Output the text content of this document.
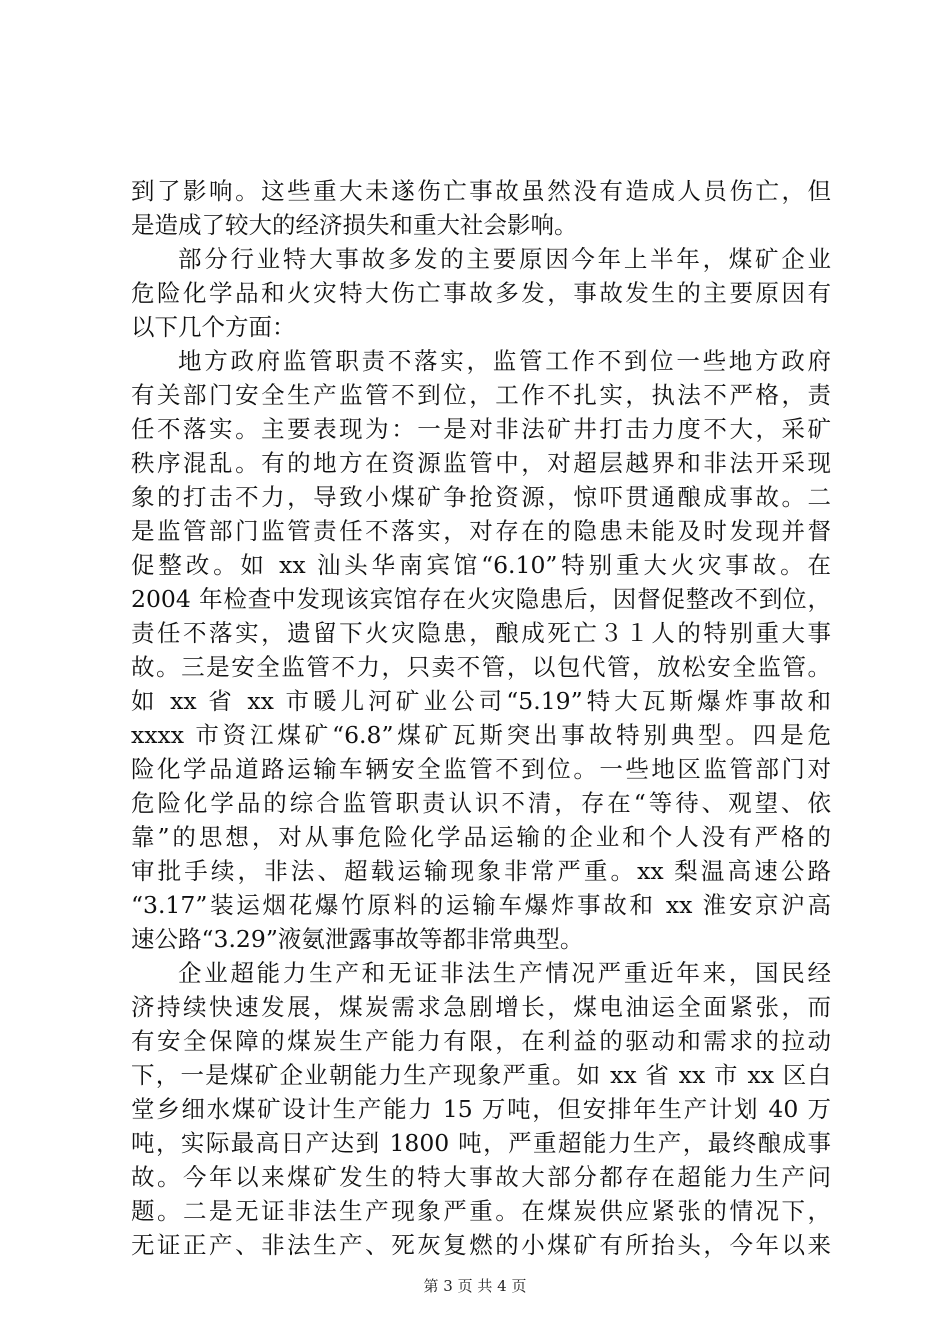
到了影响。这些重大未遂伤亡事故虽然没有造成人员伤亡，但
是造成了较大的经济损失和重大社会影响。
部分行业特大事故多发的主要原因今年上半年，煤矿企业
危险化学品和火灾特大伤亡事故多发，事故发生的主要原因有
以下几个方面：
地方政府监管职责不落实，监管工作不到位一些地方政府
有关部门安全生产监管不到位，工作不扎实，执法不严格，责
任不落实。主要表现为：一是对非法矿井打击力度不大，采矿
秩序混乱。有的地方在资源监管中，对超层越界和非法开采现
象的打击不力，导致小煤矿争抢资源，惊吓贯通酿成事故。二
是监管部门监管责任不落实，对存在的隐患未能及时发现并督
促整改。如 xx 汕头华南宾馆“6.10”特别重大火灾事故。在
2004 年检查中发现该宾馆存在火灾隐患后，因督促整改不到位，
责任不落实，遗留下火灾隐患，酿成死亡３１人的特别重大事
故。三是安全监管不力，只卖不管，以包代管，放松安全监管。
如 xx 省 xx 市暖儿河矿业公司“5.19”特大瓦斯爆炸事故和
xxxx 市资江煤矿“6.8”煤矿瓦斯突出事故特别典型。四是危
险化学品道路运输车辆安全监管不到位。一些地区监管部门对
危险化学品的综合监管职责认识不清，存在“等待、观望、依
靠”的思想，对从事危险化学品运输的企业和个人没有严格的
审批手续，非法、超载运输现象非常严重。xx 梨温高速公路
“3.17”装运烟花爆竹原料的运输车爆炸事故和 xx 淮安京沪高
速公路“3.29”液氨泄露事故等都非常典型。
企业超能力生产和无证非法生产情况严重近年来，国民经
济持续快速发展，煤炭需求急剧增长，煤电油运全面紧张，而
有安全保障的煤炭生产能力有限，在利益的驱动和需求的拉动
下，一是煤矿企业朝能力生产现象严重。如 xx 省 xx 市 xx 区白
堂乡细水煤矿设计生产能力 15 万吨，但安排年生产计划 40 万
吨，实际最高日产达到 1800 吨，严重超能力生产，最终酿成事
故。今年以来煤矿发生的特大事故大部分都存在超能力生产问
题。二是无证非法生产现象严重。在煤炭供应紧张的情况下，
无证正产、非法生产、死灰复燃的小煤矿有所抬头，今年以来
第 3 页 共 4 页
